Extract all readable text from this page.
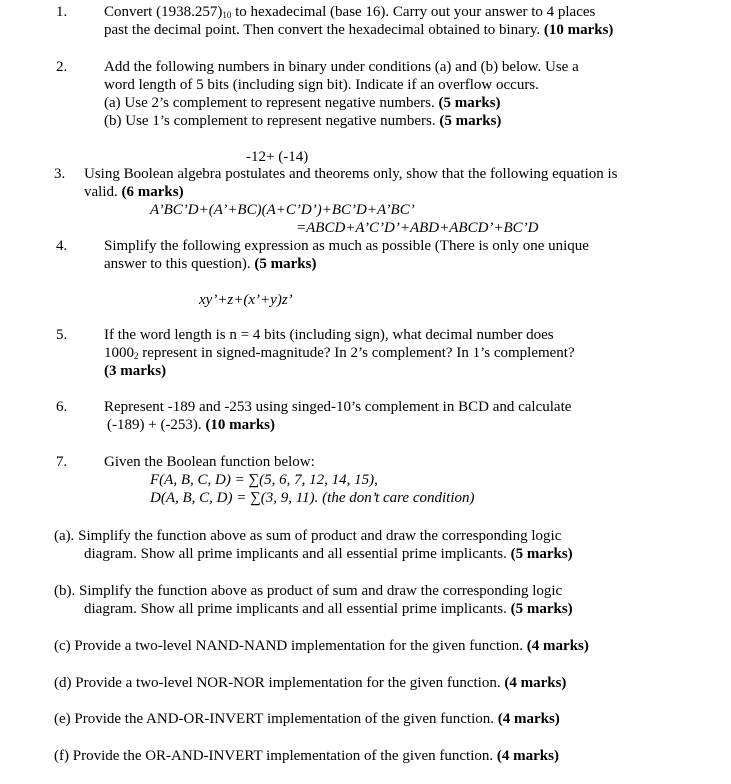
1. Convert $(1938.257)_{10}$ to hexadecimal (base 16). Carry out your answer to 4 places
past the decimal point. Then convert the hexadecimal obtained to binary. (10 marks)
2. Add the following numbers in binary under conditions (a) and (b) below. Use a
word length of 5 bits (including sign bit). Indicate if an overflow occurs.
(a) Use 2’s complement to represent negative numbers. (5 marks)
(b) Use 1’s complement to represent negative numbers. (5 marks)
-12+ (-14)
3. Using Boolean algebra postulates and theorems only, show that the following equation is
valid. (6 marks)
A’BC’D+(A’+BC)(A+C’D’)+BC’D+A’BC’
=ABCD+A’C’D’+ABD+ABCD’+BC’D
4. Simplify the following expression as much as possible (There is only one unique
answer to this question). (5 marks)
xy’+z+(x’+y)z’
5. If the word length is n = 4 bits (including sign), what decimal number does
$1000_2$ represent in signed-magnitude? In 2’s complement? In 1’s complement?
(3 marks)
6. Represent -189 and -253 using singed-10’s complement in BCD and calculate
(-189) + (-253). (10 marks)
7. Given the Boolean function below:
F(A, B, C, D) = ∑(5, 6, 7, 12, 14, 15),
D(A, B, C, D) = ∑(3, 9, 11). (the don’t care condition)
(a). Simplify the function above as sum of product and draw the corresponding logic
diagram. Show all prime implicants and all essential prime implicants. (5 marks)
(b). Simplify the function above as product of sum and draw the corresponding logic
diagram. Show all prime implicants and all essential prime implicants. (5 marks)
(c) Provide a two-level NAND-NAND implementation for the given function. (4 marks)
(d) Provide a two-level NOR-NOR implementation for the given function. (4 marks)
(e) Provide the AND-OR-INVERT implementation of the given function. (4 marks)
(f) Provide the OR-AND-INVERT implementation of the given function. (4 marks)
